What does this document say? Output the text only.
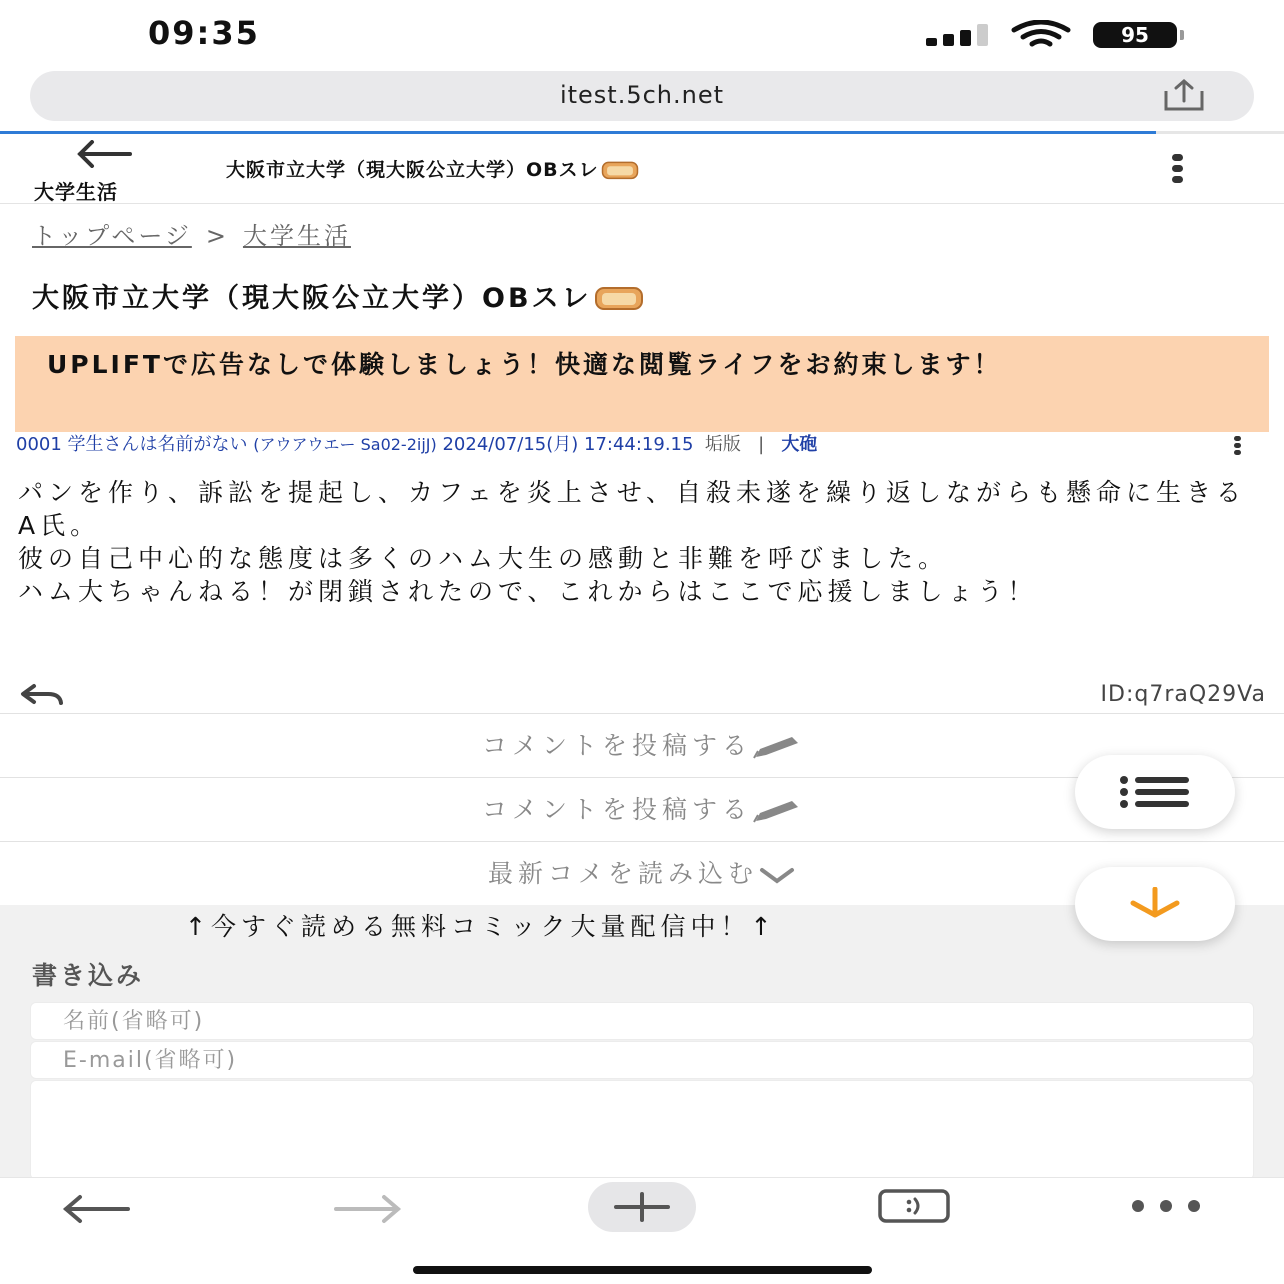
09:35	95
itest.5ch.net
大学生活
大阪市立大学（現大阪公立大学）OBスレ
トップページ > 大学生活
大阪市立大学（現大阪公立大学）OBスレ
UPLIFTで広告なしで体験しましょう！快適な閲覧ライフをお約束します！
0001 学生さんは名前がない (アウアウエー Sa02-2ijJ) 2024/07/15(月) 17:44:19.15 垢版 | 大砲
パンを作り、訴訟を提起し、カフェを炎上させ、自殺未遂を繰り返しながらも懸命に生きるA氏。
彼の自己中心的な態度は多くのハム大生の感動と非難を呼びました。
ハム大ちゃんねる！が閉鎖されたので、これからはここで応援しましょう！
ID:q7raQ29Va
コメントを投稿する
コメントを投稿する
最新コメを読み込む
↑今すぐ読める無料コミック大量配信中！↑
書き込み
名前(省略可)
E-mail(省略可)
